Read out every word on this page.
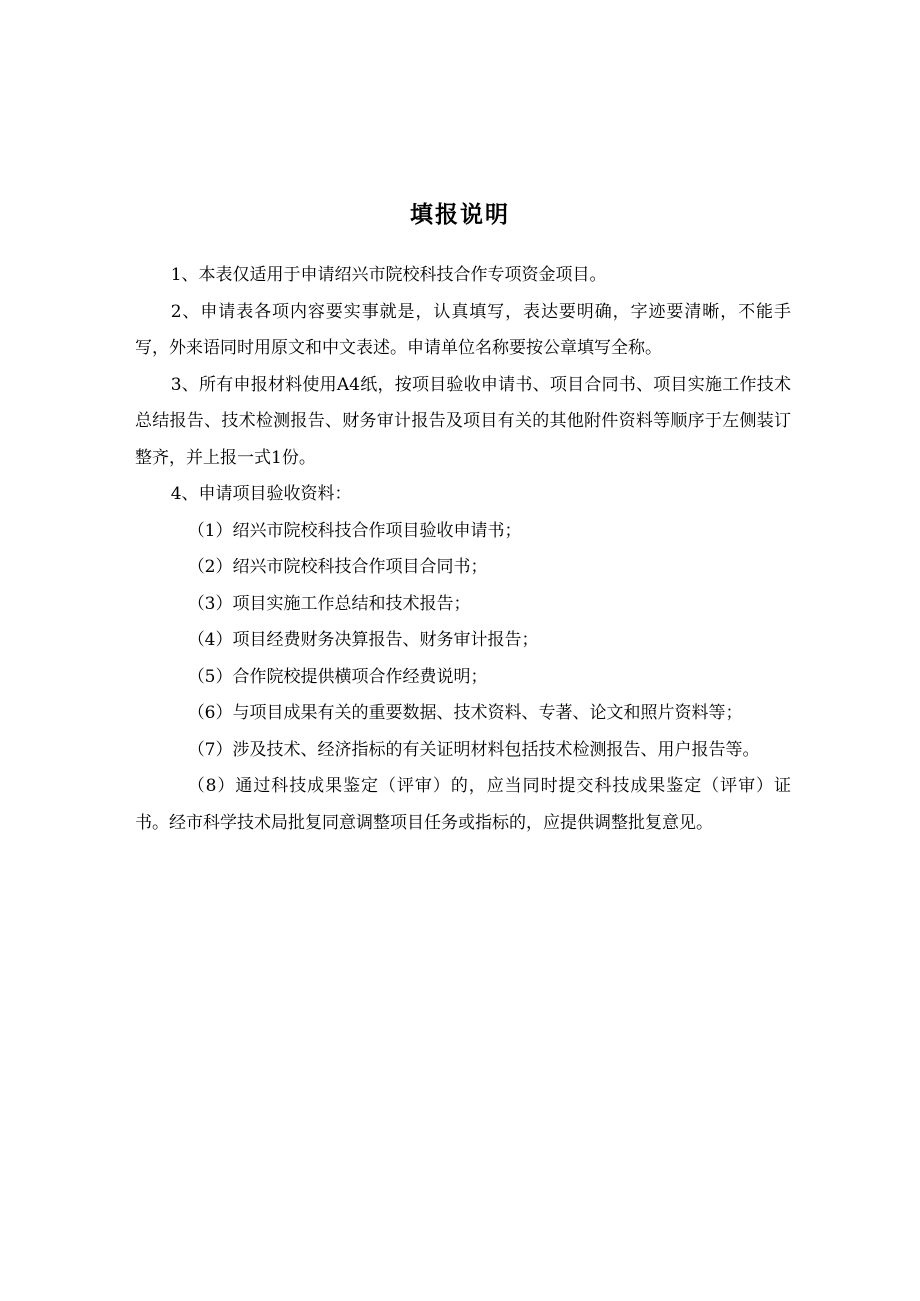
填报说明

1、本表仅适用于申请绍兴市院校科技合作专项资金项目。

2、申请表各项内容要实事就是，认真填写，表达要明确，字迹要清晰，不能手写，外来语同时用原文和中文表述。申请单位名称要按公章填写全称。

3、所有申报材料使用A4纸，按项目验收申请书、项目合同书、项目实施工作技术总结报告、技术检测报告、财务审计报告及项目有关的其他附件资料等顺序于左侧装订整齐，并上报一式1份。

4、申请项目验收资料：

（1）绍兴市院校科技合作项目验收申请书；

（2）绍兴市院校科技合作项目合同书；

（3）项目实施工作总结和技术报告；

（4）项目经费财务决算报告、财务审计报告；

（5）合作院校提供横项合作经费说明；

（6）与项目成果有关的重要数据、技术资料、专著、论文和照片资料等；

（7）涉及技术、经济指标的有关证明材料包括技术检测报告、用户报告等。

（8）通过科技成果鉴定（评审）的，应当同时提交科技成果鉴定（评审）证书。经市科学技术局批复同意调整项目任务或指标的，应提供调整批复意见。
